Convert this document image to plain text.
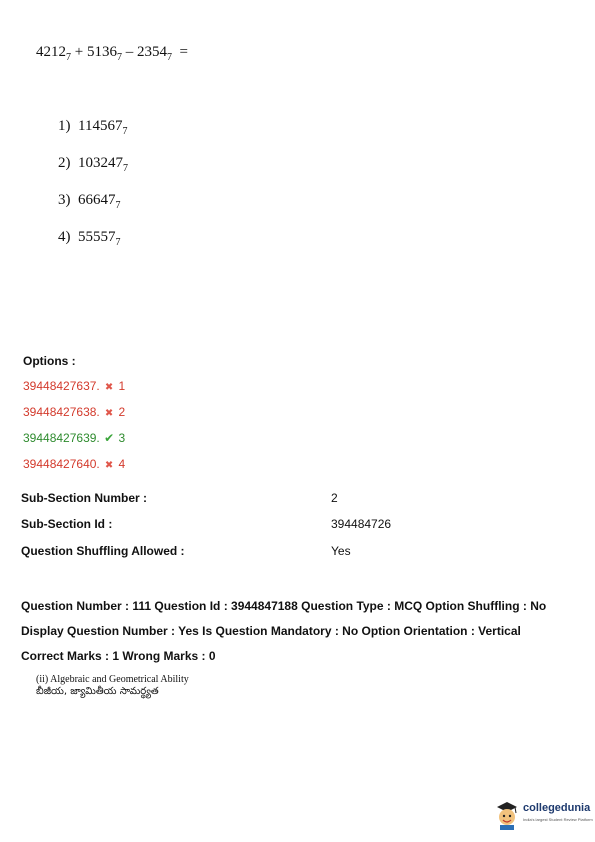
$4212_7 + 5136_7 - 2354_7$  =
1) $114567_7$
2) $103247_7$
3) $66647_7$
4) $55557_7$
Options :
39448427637. ✖ 1
39448427638. ✖ 2
39448427639. ✔ 3
39448427640. ✖ 4
Sub-Section Number :	2
Sub-Section Id :	394484726
Question Shuffling Allowed :	Yes
Question Number : 111 Question Id : 3944847188 Question Type : MCQ Option Shuffling : No
Display Question Number : Yes Is Question Mandatory : No Option Orientation : Vertical
Correct Marks : 1 Wrong Marks : 0
(ii) Algebraic and Geometrical Ability
బీజీయ, జ్యామితీయ సామర్థ్యత
collegedunia
India's largest Student Review Platform
